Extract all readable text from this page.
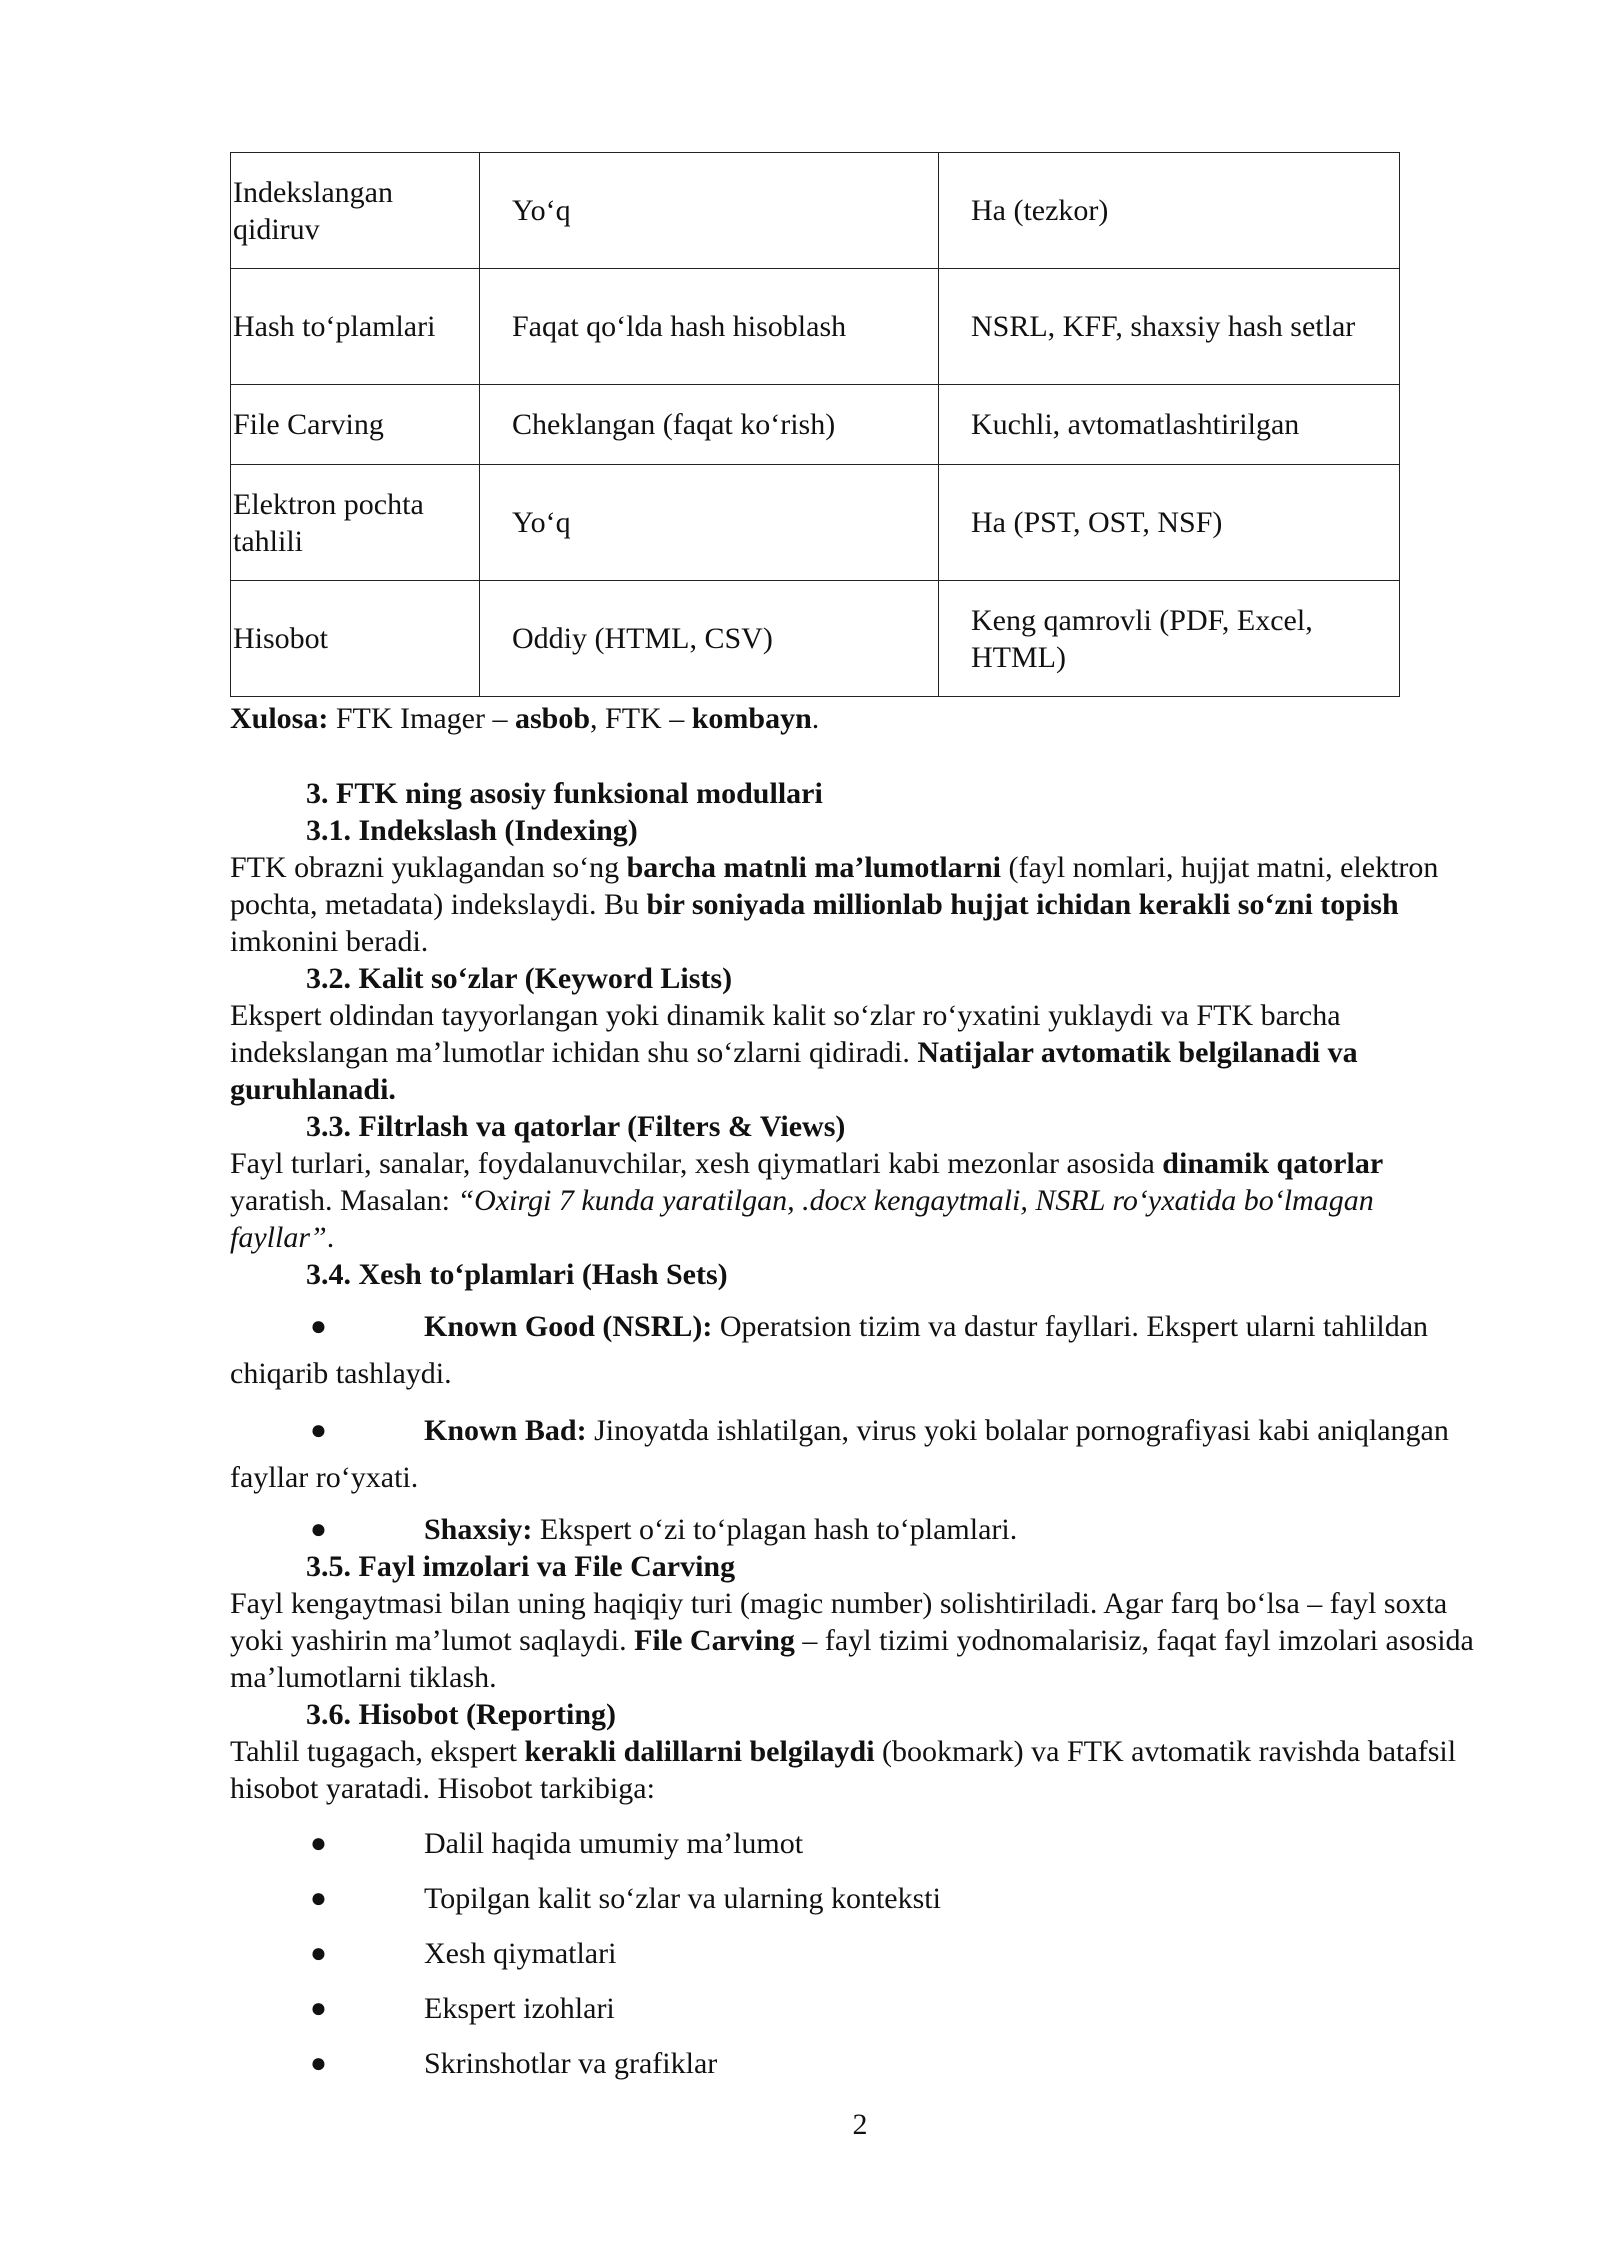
Indekslangan qidiruv	Yo‘q	Ha (tezkor)
Hash to‘plamlari	Faqat qo‘lda hash hisoblash	NSRL, KFF, shaxsiy hash setlar
File Carving	Cheklangan (faqat ko‘rish)	Kuchli, avtomatlashtirilgan
Elektron pochta tahlili	Yo‘q	Ha (PST, OST, NSF)
Hisobot	Oddiy (HTML, CSV)	Keng qamrovli (PDF, Excel, HTML)

Xulosa: FTK Imager – asbob, FTK – kombayn.

3. FTK ning asosiy funksional modullari

3.1. Indekslash (Indexing)

FTK obrazni yuklagandan so‘ng barcha matnli ma’lumotlarni (fayl nomlari, hujjat matni, elektron pochta, metadata) indekslaydi. Bu bir soniyada millionlab hujjat ichidan kerakli so‘zni topish imkonini beradi.

3.2. Kalit so‘zlar (Keyword Lists)

Ekspert oldindan tayyorlangan yoki dinamik kalit so‘zlar ro‘yxatini yuklaydi va FTK barcha indekslangan ma’lumotlar ichidan shu so‘zlarni qidiradi. Natijalar avtomatik belgilanadi va guruhlanadi.

3.3. Filtrlash va qatorlar (Filters & Views)

Fayl turlari, sanalar, foydalanuvchilar, xesh qiymatlari kabi mezonlar asosida dinamik qatorlar yaratish. Masalan: “Oxirgi 7 kunda yaratilgan, .docx kengaytmali, NSRL ro‘yxatida bo‘lmagan fayllar”.

3.4. Xesh to‘plamlari (Hash Sets)

●	Known Good (NSRL): Operatsion tizim va dastur fayllari. Ekspert ularni tahlildan chiqarib tashlaydi.

●	Known Bad: Jinoyatda ishlatilgan, virus yoki bolalar pornografiyasi kabi aniqlangan fayllar ro‘yxati.

●	Shaxsiy: Ekspert o‘zi to‘plagan hash to‘plamlari.

3.5. Fayl imzolari va File Carving

Fayl kengaytmasi bilan uning haqiqiy turi (magic number) solishtiriladi. Agar farq bo‘lsa – fayl soxta yoki yashirin ma’lumot saqlaydi. File Carving – fayl tizimi yodnomalarisiz, faqat fayl imzolari asosida ma’lumotlarni tiklash.

3.6. Hisobot (Reporting)

Tahlil tugagach, ekspert kerakli dalillarni belgilaydi (bookmark) va FTK avtomatik ravishda batafsil hisobot yaratadi. Hisobot tarkibiga:

●	Dalil haqida umumiy ma’lumot

●	Topilgan kalit so‘zlar va ularning konteksti

●	Xesh qiymatlari

●	Ekspert izohlari

●	Skrinshotlar va grafiklar

2
